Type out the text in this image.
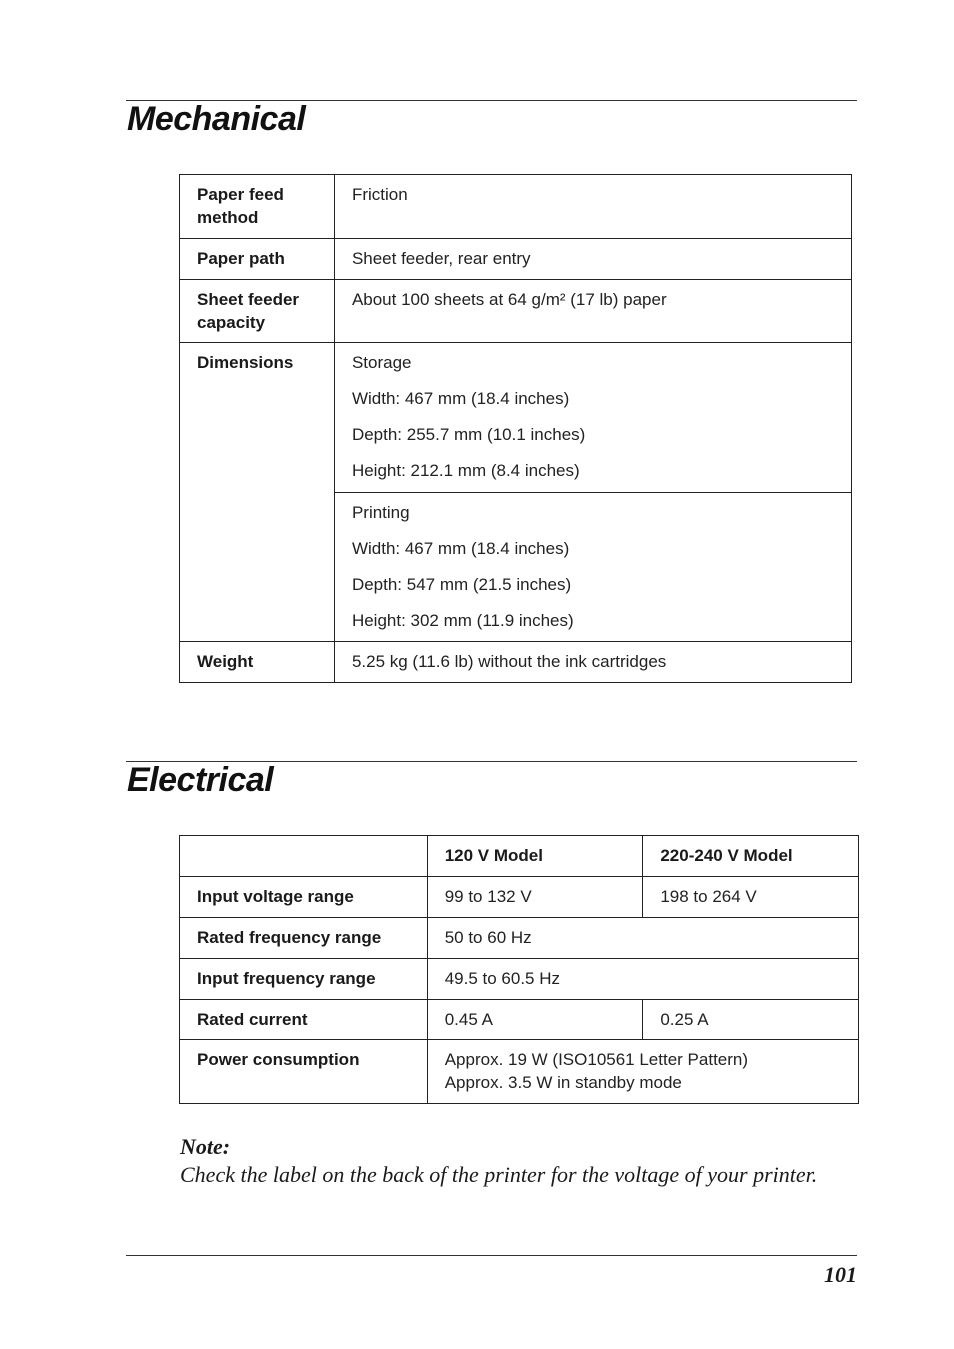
Mechanical
Paper feed method	Friction
Paper path	Sheet feeder, rear entry
Sheet feeder capacity	About 100 sheets at 64 g/m² (17 lb) paper
Dimensions	Storage
Width: 467 mm (18.4 inches)
Depth: 255.7 mm (10.1 inches)
Height: 212.1 mm (8.4 inches)

	Printing
Width: 467 mm (18.4 inches)
Depth: 547 mm (21.5 inches)
Height: 302 mm (11.9 inches)

Weight	5.25 kg (11.6 lb) without the ink cartridges
Electrical
	120 V Model	220-240 V Model
Input voltage range	99 to 132 V	198 to 264 V
Rated frequency range	50 to 60 Hz	
Input frequency range	49.5 to 60.5 Hz	
Rated current	0.45 A	0.25 A
Power consumption	Approx. 19 W (ISO10561 Letter Pattern)
Approx. 3.5 W in standby mode	
Note:
Check the label on the back of the printer for the voltage of your printer.
101
